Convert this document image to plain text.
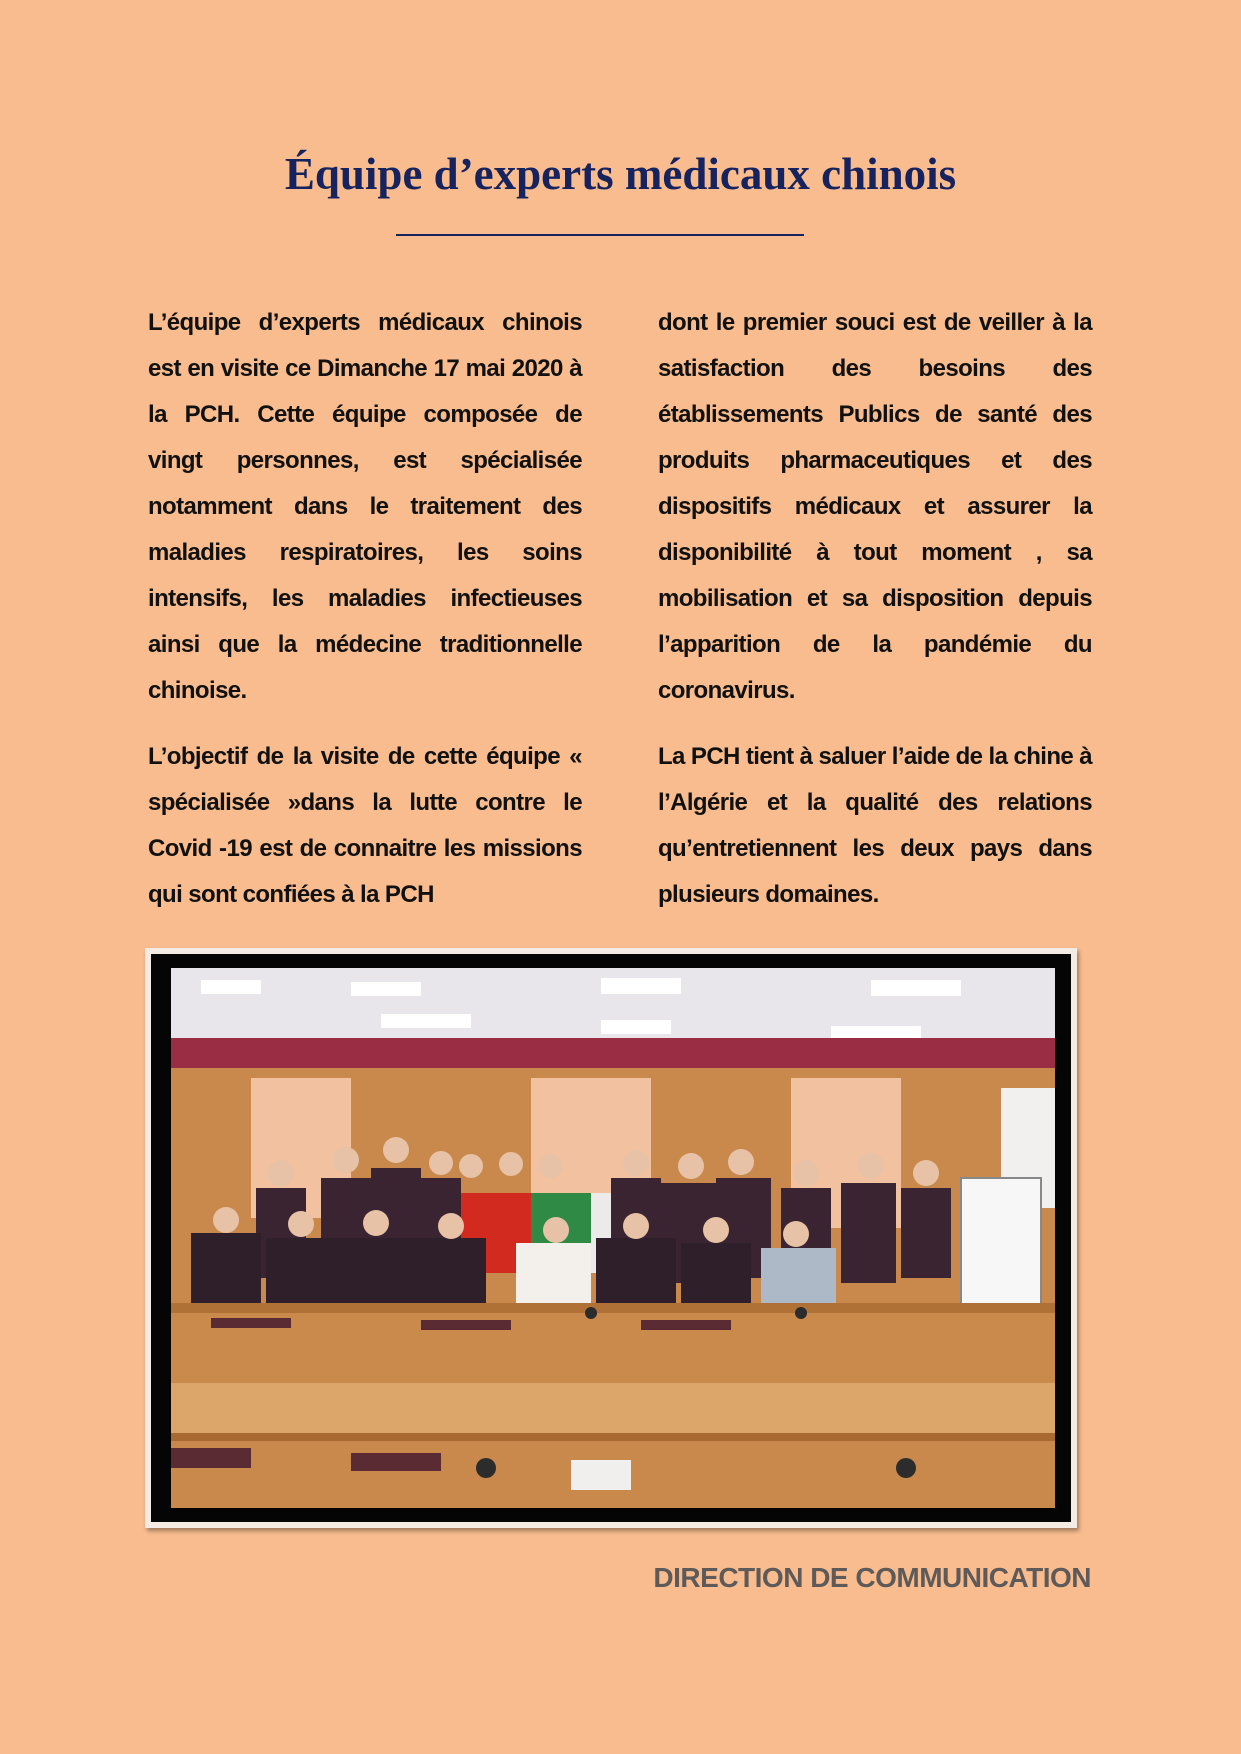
Équipe d’experts médicaux chinois

L’équipe d’experts médicaux chinois est en visite ce Dimanche 17 mai 2020 à la PCH. Cette équipe composée de vingt personnes, est spécialisée notamment dans le traitement des maladies respiratoires, les soins intensifs, les maladies infectieuses ainsi que la médecine traditionnelle chinoise.

L’objectif de la visite de cette équipe « spécialisée »dans la lutte contre le Covid -19 est de connaitre les missions qui sont confiées à la PCH

dont le premier souci est de veiller à la satisfaction des besoins des établissements Publics de santé des produits pharmaceutiques et des dispositifs médicaux et assurer la disponibilité à tout moment , sa mobilisation et sa disposition depuis l’apparition de la pandémie du coronavirus.

La PCH tient à saluer l’aide de la chine à l’Algérie et la qualité des relations qu’entretiennent les deux pays dans plusieurs domaines.

DIRECTION DE COMMUNICATION
